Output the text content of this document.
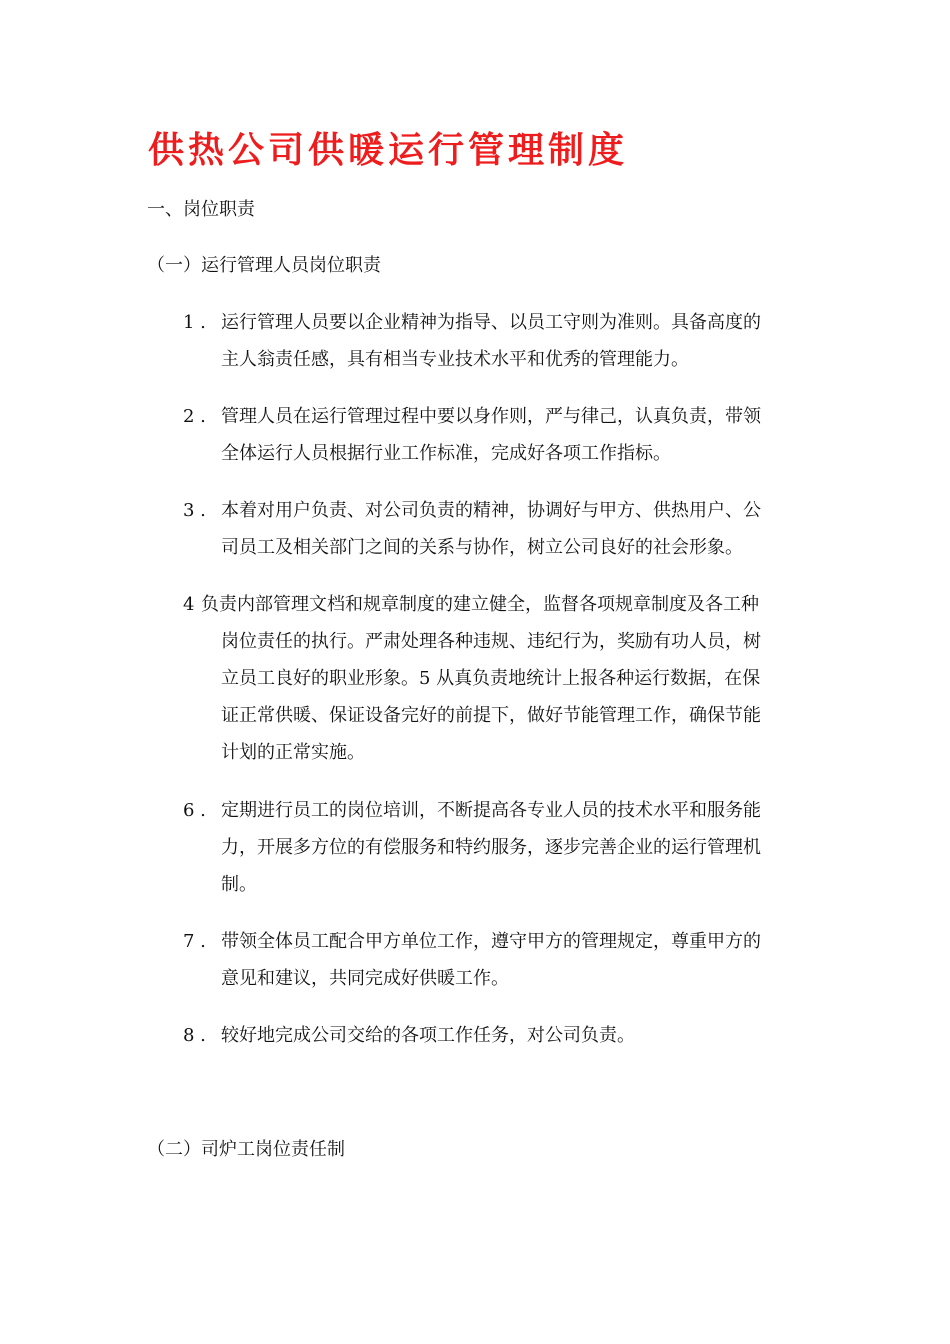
供热公司供暖运行管理制度
一、岗位职责
（一）运行管理人员岗位职责
1 . 运行管理人员要以企业精神为指导、以员工守则为准则。具备高度的
主人翁责任感，具有相当专业技术水平和优秀的管理能力。
2 . 管理人员在运行管理过程中要以身作则，严与律己，认真负责，带领
全体运行人员根据行业工作标准，完成好各项工作指标。
3 . 本着对用户负责、对公司负责的精神，协调好与甲方、供热用户、公
司员工及相关部门之间的关系与协作，树立公司良好的社会形象。
4 负责内部管理文档和规章制度的建立健全，监督各项规章制度及各工种
岗位责任的执行。严肃处理各种违规、违纪行为，奖励有功人员，树
立员工良好的职业形象。5 从真负责地统计上报各种运行数据，在保
证正常供暖、保证设备完好的前提下，做好节能管理工作，确保节能
计划的正常实施。
6 . 定期进行员工的岗位培训，不断提高各专业人员的技术水平和服务能
力，开展多方位的有偿服务和特约服务，逐步完善企业的运行管理机
制。
7 . 带领全体员工配合甲方单位工作，遵守甲方的管理规定，尊重甲方的
意见和建议，共同完成好供暖工作。
8 . 较好地完成公司交给的各项工作任务，对公司负责。
（二）司炉工岗位责任制
